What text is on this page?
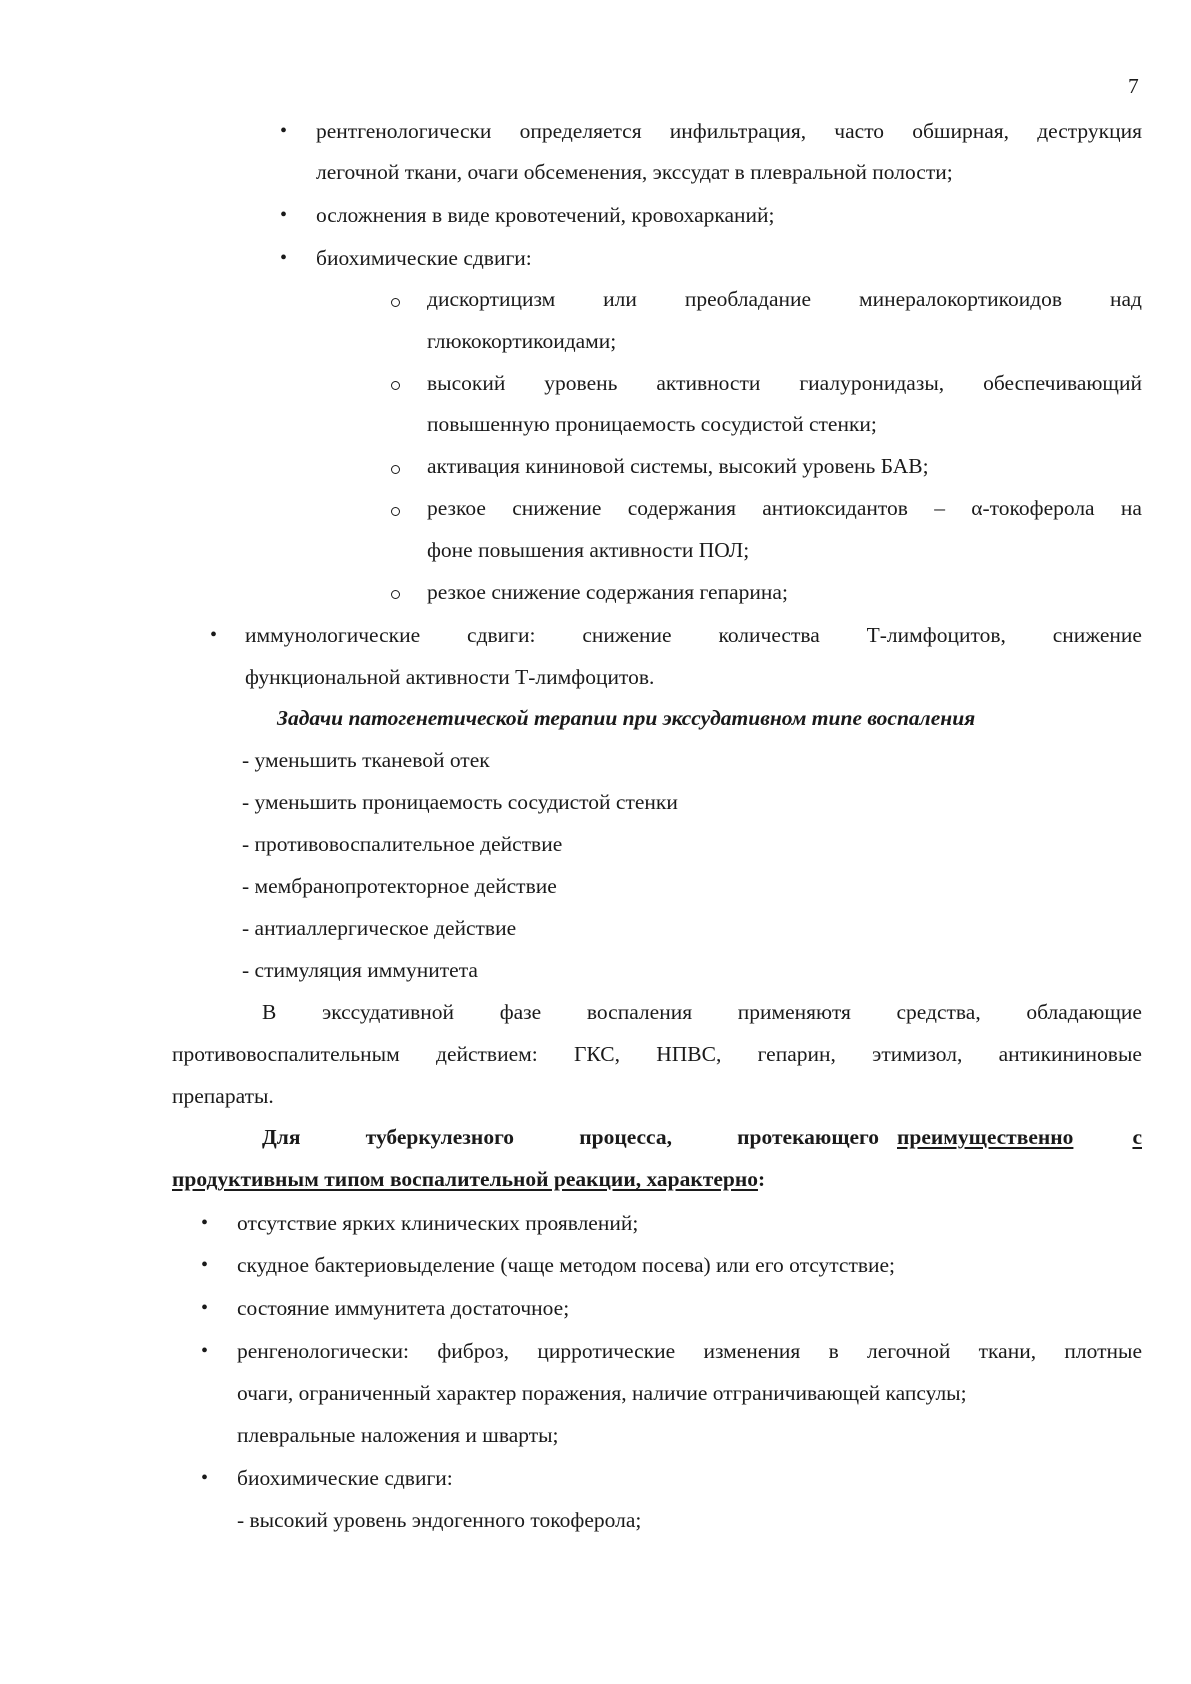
7
• рентгенологически определяется инфильтрация, часто обширная, деструкция
легочной ткани, очаги обсеменения, экссудат в плевральной полости;
• осложнения в виде кровотечений, кровохарканий;
• биохимические сдвиги:
дискортицизм или преобладание минералокортикоидов над
глюкокортикоидами;
высокий уровень активности гиалуронидазы, обеспечивающий
повышенную проницаемость сосудистой стенки;
активация кининовой системы, высокий уровень БАВ;
резкое снижение содержания антиоксидантов – α-токоферола на
фоне повышения активности ПОЛ;
резкое снижение содержания гепарина;
• иммунологические сдвиги: снижение количества Т-лимфоцитов, снижение
функциональной активности Т-лимфоцитов.
Задачи патогенетической терапии при экссудативном типе воспаления
- уменьшить тканевой отек
- уменьшить проницаемость сосудистой стенки
- противовоспалительное действие
- мембранопротекторное действие
- антиаллергическое действие
- стимуляция иммунитета
В экссудативной фазе воспаления применяютя средства, обладающие
противовоспалительным действием: ГКС, НПВС, гепарин, этимизол, антикининовые
препараты.
Для	туберкулезного	процесса,	протекающего преимущественно	с
продуктивным типом воспалительной реакции, характерно:
• отсутствие ярких клинических проявлений;
• скудное бактериовыделение (чаще методом посева) или его отсутствие;
• состояние иммунитета достаточное;
• ренгенологически: фиброз, цирротические изменения в легочной ткани, плотные
очаги, ограниченный характер поражения, наличие отграничивающей капсулы;
плевральные наложения и шварты;
• биохимические сдвиги:
- высокий уровень эндогенного токоферола;
